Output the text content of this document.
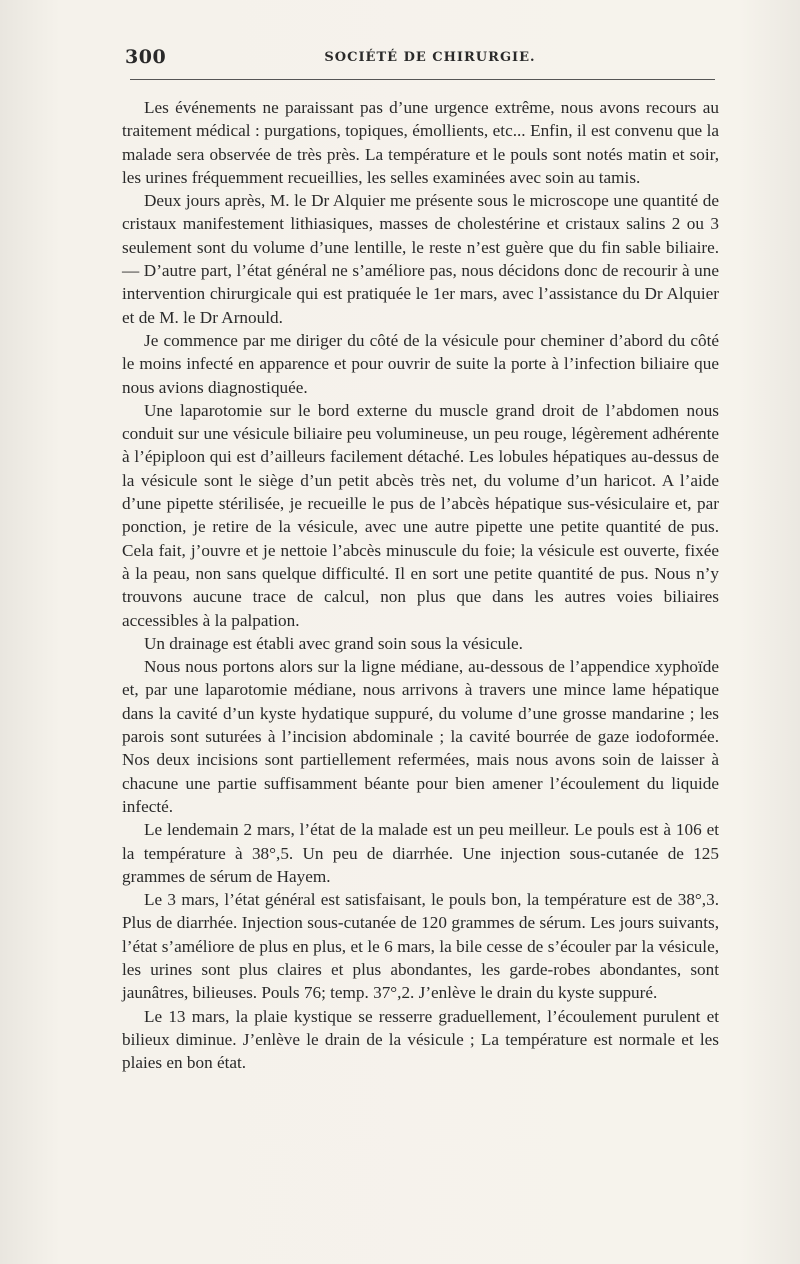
300	SOCIÉTÉ DE CHIRURGIE.

Les événements ne paraissant pas d’une urgence extrême, nous avons recours au traitement médical : purgations, topiques, émollients, etc... Enfin, il est convenu que la malade sera observée de très près. La température et le pouls sont notés matin et soir, les urines fréquemment recueillies, les selles examinées avec soin au tamis.

Deux jours après, M. le Dr Alquier me présente sous le microscope une quantité de cristaux manifestement lithiasiques, masses de cholestérine et cristaux salins 2 ou 3 seulement sont du volume d’une lentille, le reste n’est guère que du fin sable biliaire. — D’autre part, l’état général ne s’améliore pas, nous décidons donc de recourir à une intervention chirurgicale qui est pratiquée le 1er mars, avec l’assistance du Dr Alquier et de M. le Dr Arnould.

Je commence par me diriger du côté de la vésicule pour cheminer d’abord du côté le moins infecté en apparence et pour ouvrir de suite la porte à l’infection biliaire que nous avions diagnostiquée.

Une laparotomie sur le bord externe du muscle grand droit de l’abdomen nous conduit sur une vésicule biliaire peu volumineuse, un peu rouge, légèrement adhérente à l’épiploon qui est d’ailleurs facilement détaché. Les lobules hépatiques au-dessus de la vésicule sont le siège d’un petit abcès très net, du volume d’un haricot. A l’aide d’une pipette stérilisée, je recueille le pus de l’abcès hépatique sus-vésiculaire et, par ponction, je retire de la vésicule, avec une autre pipette une petite quantité de pus. Cela fait, j’ouvre et je nettoie l’abcès minuscule du foie; la vésicule est ouverte, fixée à la peau, non sans quelque difficulté. Il en sort une petite quantité de pus. Nous n’y trouvons aucune trace de calcul, non plus que dans les autres voies biliaires accessibles à la palpation.

Un drainage est établi avec grand soin sous la vésicule.

Nous nous portons alors sur la ligne médiane, au-dessous de l’appendice xyphoïde et, par une laparotomie médiane, nous arrivons à travers une mince lame hépatique dans la cavité d’un kyste hydatique suppuré, du volume d’une grosse mandarine ; les parois sont suturées à l’incision abdominale ; la cavité bourrée de gaze iodoformée. Nos deux incisions sont partiellement refermées, mais nous avons soin de laisser à chacune une partie suffisamment béante pour bien amener l’écoulement du liquide infecté.

Le lendemain 2 mars, l’état de la malade est un peu meilleur. Le pouls est à 106 et la température à 38°,5. Un peu de diarrhée. Une injection sous-cutanée de 125 grammes de sérum de Hayem.

Le 3 mars, l’état général est satisfaisant, le pouls bon, la température est de 38°,3. Plus de diarrhée. Injection sous-cutanée de 120 grammes de sérum. Les jours suivants, l’état s’améliore de plus en plus, et le 6 mars, la bile cesse de s’écouler par la vésicule, les urines sont plus claires et plus abondantes, les garde-robes abondantes, sont jaunâtres, bilieuses. Pouls 76; temp. 37°,2. J’enlève le drain du kyste suppuré.

Le 13 mars, la plaie kystique se resserre graduellement, l’écoulement purulent et bilieux diminue. J’enlève le drain de la vésicule ; La température est normale et les plaies en bon état.
